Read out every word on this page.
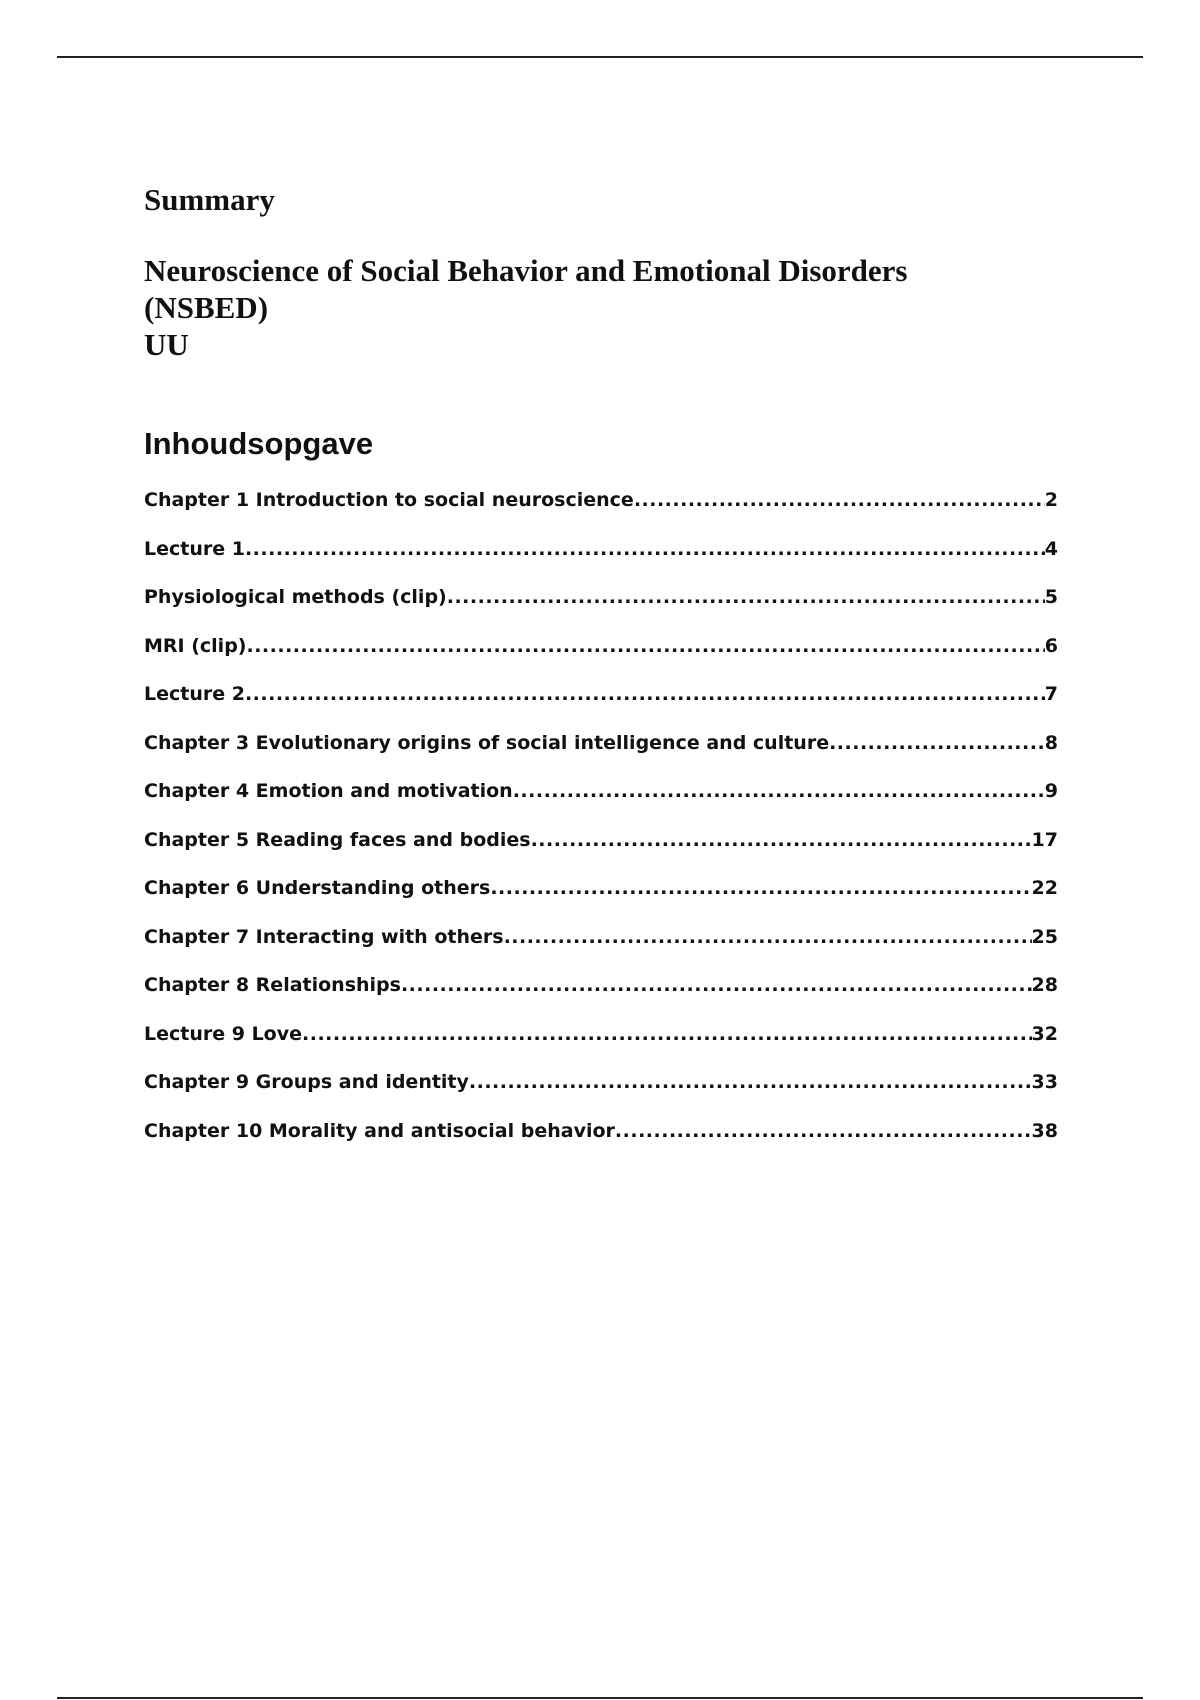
Summary

Neuroscience of Social Behavior and Emotional Disorders
(NSBED)
UU

Inhoudsopgave
Chapter 1 Introduction to social neuroscience .....	2
Lecture 1 .....	4
Physiological methods (clip) .....	5
MRI (clip) .....	6
Lecture 2 .....	7
Chapter 3 Evolutionary origins of social intelligence and culture .....	8
Chapter 4 Emotion and motivation .....	9
Chapter 5 Reading faces and bodies .....	17
Chapter 6 Understanding others .....	22
Chapter 7 Interacting with others .....	25
Chapter 8 Relationships .....	28
Lecture 9 Love .....	32
Chapter 9 Groups and identity .....	33
Chapter 10 Morality and antisocial behavior .....	38
